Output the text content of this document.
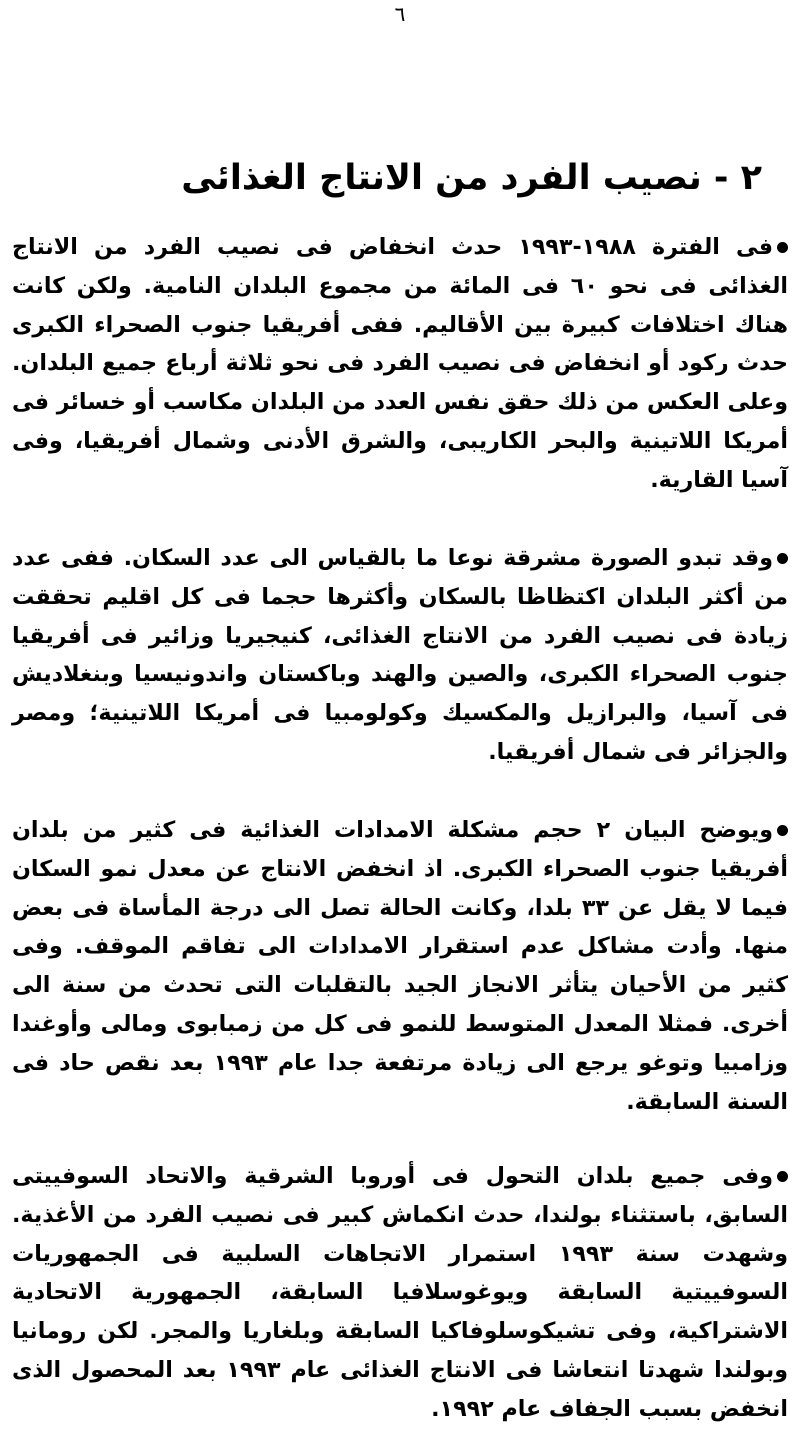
٦
٢ - نصيب الفرد من الانتاج الغذائى
فى الفترة ١٩٨٨-١٩٩٣ حدث انخفاض فى نصيب الفرد من الانتاج الغذائى فى نحو ٦٠ فى المائة من مجموع البلدان النامية. ولكن كانت هناك اختلافات كبيرة بين الأقاليم. ففى أفريقيا جنوب الصحراء الكبرى حدث ركود أو انخفاض فى نصيب الفرد فى نحو ثلاثة أرباع جميع البلدان. وعلى العكس من ذلك حقق نفس العدد من البلدان مكاسب أو خسائر فى أمريكا اللاتينية والبحر الكاريبى، والشرق الأدنى وشمال أفريقيا، وفى آسيا القارية.
وقد تبدو الصورة مشرقة نوعا ما بالقياس الى عدد السكان. ففى عدد من أكثر البلدان اكتظاظا بالسكان وأكثرها حجما فى كل اقليم تحققت زيادة فى نصيب الفرد من الانتاج الغذائى، كنيجيريا وزائير فى أفريقيا جنوب الصحراء الكبرى، والصين والهند وباكستان واندونيسيا وبنغلاديش فى آسيا، والبرازيل والمكسيك وكولومبيا فى أمريكا اللاتينية؛ ومصر والجزائر فى شمال أفريقيا.
ويوضح البيان ٢ حجم مشكلة الامدادات الغذائية فى كثير من بلدان أفريقيا جنوب الصحراء الكبرى. اذ انخفض الانتاج عن معدل نمو السكان فيما لا يقل عن ٣٣ بلدا، وكانت الحالة تصل الى درجة المأساة فى بعض منها. وأدت مشاكل عدم استقرار الامدادات الى تفاقم الموقف. وفى كثير من الأحيان يتأثر الانجاز الجيد بالتقلبات التى تحدث من سنة الى أخرى. فمثلا المعدل المتوسط للنمو فى كل من زمبابوى ومالى وأوغندا وزامبيا وتوغو يرجع الى زيادة مرتفعة جدا عام ١٩٩٣ بعد نقص حاد فى السنة السابقة.
وفى جميع بلدان التحول فى أوروبا الشرقية والاتحاد السوفييتى السابق، باستثناء بولندا، حدث انكماش كبير فى نصيب الفرد من الأغذية. وشهدت سنة ١٩٩٣ استمرار الاتجاهات السلبية فى الجمهوريات السوفييتية السابقة ويوغوسلافيا السابقة، الجمهورية الاتحادية الاشتراكية، وفى تشيكوسلوفاكيا السابقة وبلغاريا والمجر. لكن رومانيا وبولندا شهدتا انتعاشا فى الانتاج الغذائى عام ١٩٩٣ بعد المحصول الذى انخفض بسبب الجفاف عام ١٩٩٢.
